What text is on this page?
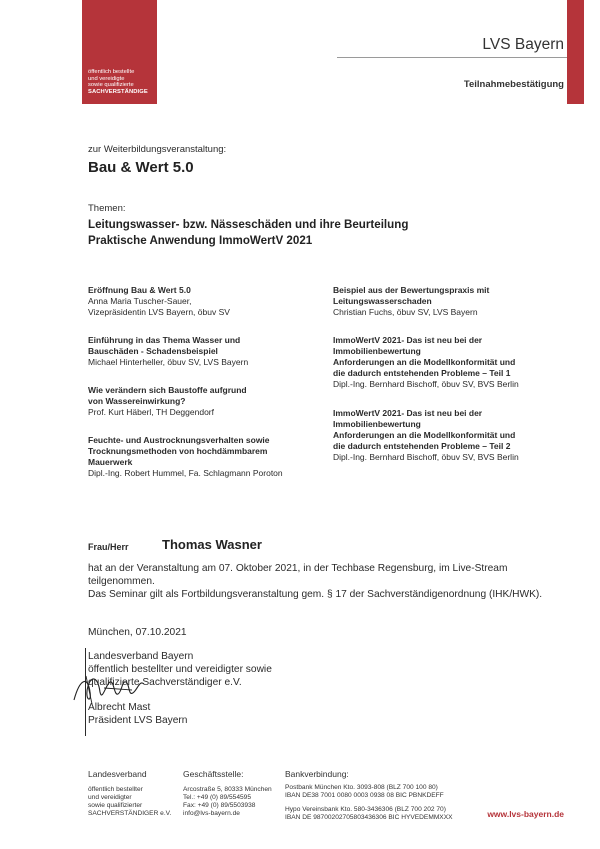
öffentlich bestellte
und vereidigte
sowie qualifizierte
SACHVERSTÄNDIGE
LVS Bayern
Teilnahmebestätigung
zur Weiterbildungsveranstaltung:
Bau & Wert 5.0
Themen:
Leitungswasser- bzw. Nässeschäden und ihre Beurteilung
Praktische Anwendung ImmoWertV 2021
Eröffnung Bau & Wert 5.0
Anna Maria Tuscher-Sauer,
Vizepräsidentin LVS Bayern, öbuv SV
Einführung in das Thema Wasser und
Bauschäden - Schadensbeispiel
Michael Hinterheller, öbuv SV, LVS Bayern
Wie verändern sich Baustoffe aufgrund
von Wassereinwirkung?
Prof. Kurt Häberl, TH Deggendorf
Feuchte- und Austrocknungsverhalten sowie
Trocknungsmethoden von hochdämmbarem
Mauerwerk
Dipl.-Ing. Robert Hummel, Fa. Schlagmann Poroton
Beispiel aus der Bewertungspraxis mit
Leitungswasserschaden
Christian Fuchs, öbuv SV, LVS Bayern
ImmoWertV 2021- Das ist neu bei der
Immobilienbewertung
Anforderungen an die Modellkonformität und
die dadurch entstehenden Probleme – Teil 1
Dipl.-Ing. Bernhard Bischoff, öbuv SV, BVS Berlin
ImmoWertV 2021- Das ist neu bei der
Immobilienbewertung
Anforderungen an die Modellkonformität und
die dadurch entstehenden Probleme – Teil 2
Dipl.-Ing. Bernhard Bischoff, öbuv SV, BVS Berlin
Frau/Herr	Thomas Wasner
hat an der Veranstaltung am 07. Oktober 2021, in der Techbase Regensburg, im Live-Stream
teilgenommen.
Das Seminar gilt als Fortbildungsveranstaltung gem. § 17 der Sachverständigenordnung (IHK/HWK).
München, 07.10.2021
Landesverband Bayern
öffentlich bestellter und vereidigter sowie
qualifizierte Sachverständiger e.V.
Albrecht Mast
Präsident LVS Bayern
Landesverband
öffentlich bestellter
und vereidigter
sowie qualifizierter
SACHVERSTÄNDIGER e.V.
Geschäftsstelle:
Arcostraße 5, 80333 München
Tel.: +49 (0) 89/554595
Fax: +49 (0) 89/5503938
info@lvs-bayern.de
Bankverbindung:
Postbank München Kto. 3093-808 (BLZ 700 100 80)
IBAN DE38 7001 0080 0003 0938 08 BIC PBNKDEFF
Hypo Vereinsbank Kto. 580-3436306 (BLZ 700 202 70)
IBAN DE 98700202705803436306 BIC HYVEDEMMXXX	www.lvs-bayern.de
